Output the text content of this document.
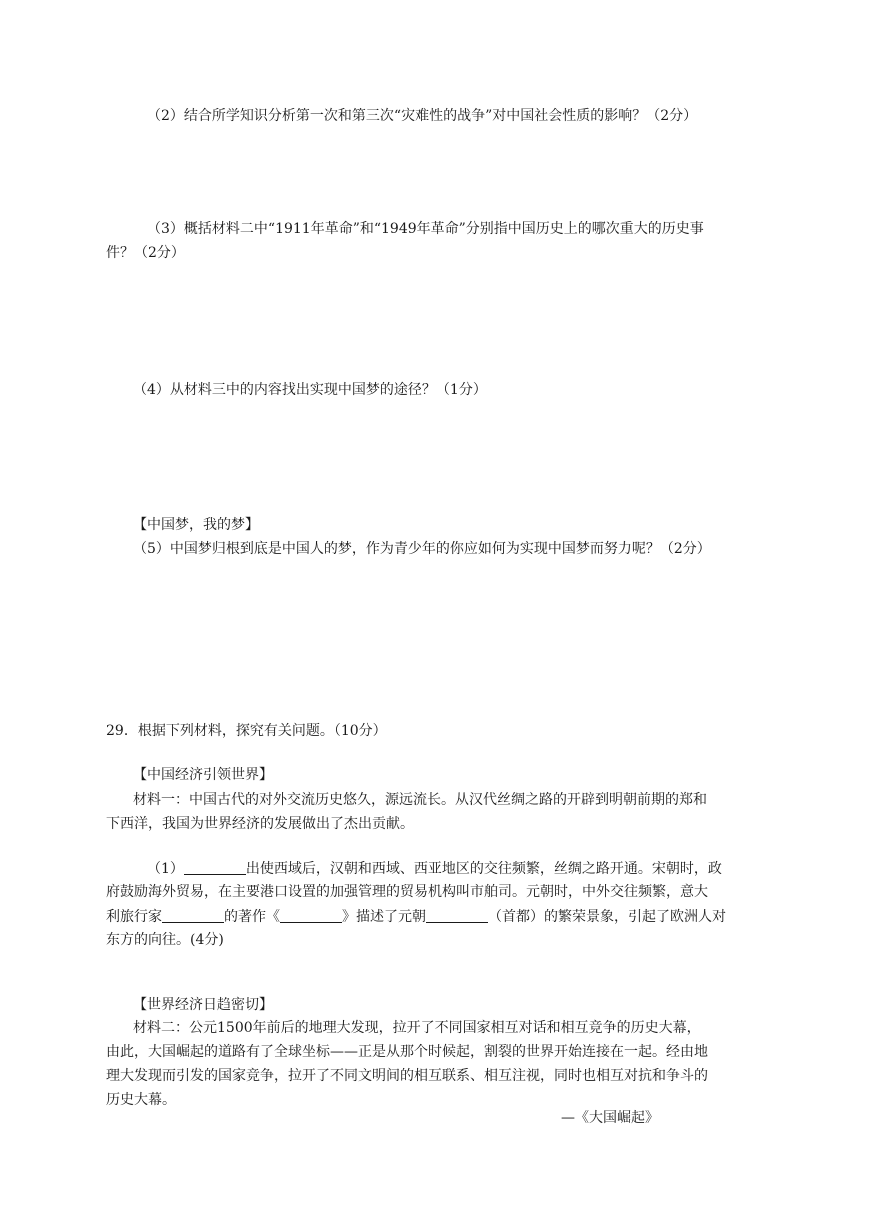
（2）结合所学知识分析第一次和第三次“灾难性的战争”对中国社会性质的影响？（2分）
（3）概括材料二中“1911年革命”和“1949年革命”分别指中国历史上的哪次重大的历史事
件？（2分）
（4）从材料三中的内容找出实现中国梦的途径？（1分）
【中国梦，我的梦】
（5）中国梦归根到底是中国人的梦，作为青少年的你应如何为实现中国梦而努力呢？（2分）
29．根据下列材料，探究有关问题。（10分）
【中国经济引领世界】
材料一：中国古代的对外交流历史悠久，源远流长。从汉代丝绸之路的开辟到明朝前期的郑和
下西洋，我国为世界经济的发展做出了杰出贡献。
（1）	出使西域后，汉朝和西域、西亚地区的交往频繁，丝绸之路开通。宋朝时，政
府鼓励海外贸易，在主要港口设置的加强管理的贸易机构叫市舶司。元朝时，中外交往频繁，意大
利旅行家	的著作《	》描述了元朝	（首都）的繁荣景象，引起了欧洲人对
东方的向往。(4分)
【世界经济日趋密切】
材料二：公元1500年前后的地理大发现，拉开了不同国家相互对话和相互竞争的历史大幕，
由此，大国崛起的道路有了全球坐标——正是从那个时候起，割裂的世界开始连接在一起。经由地
理大发现而引发的国家竞争，拉开了不同文明间的相互联系、相互注视，同时也相互对抗和争斗的
历史大幕。
—《大国崛起》
